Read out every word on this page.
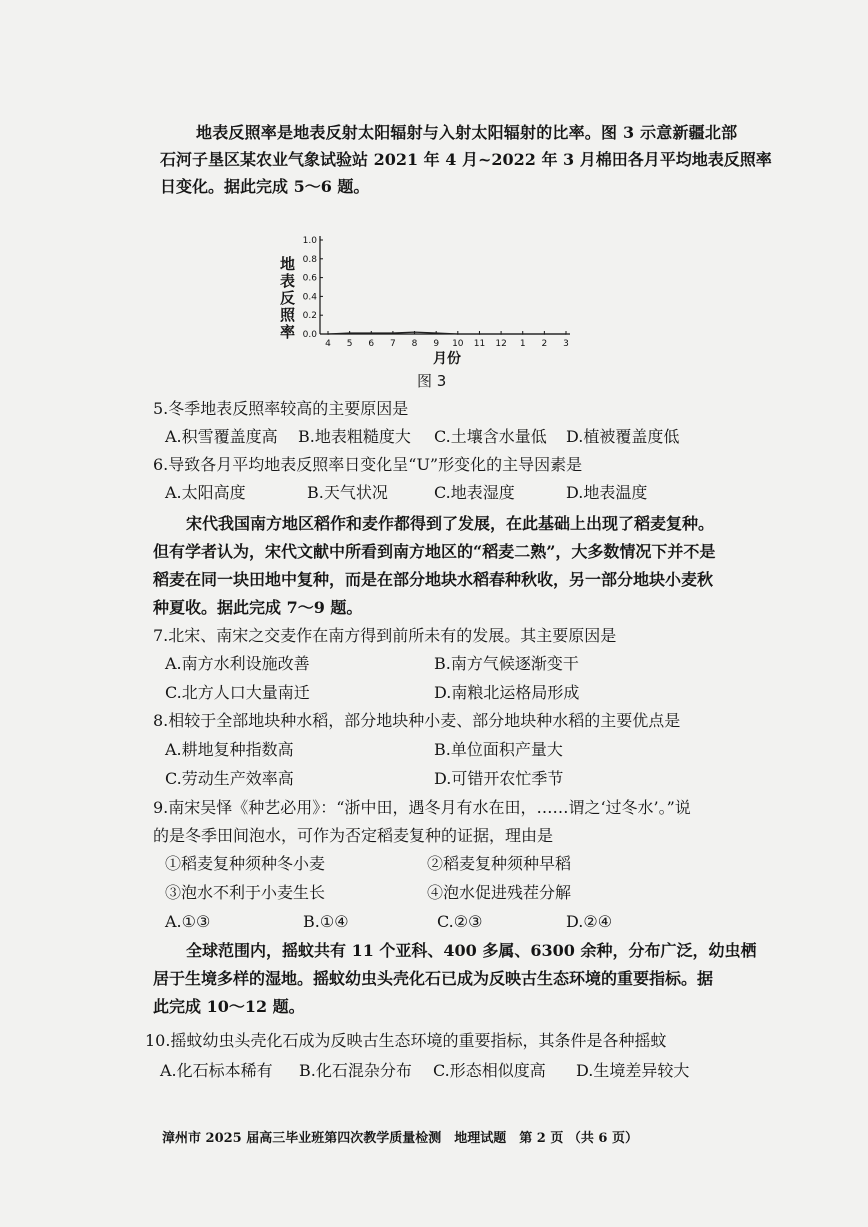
地表反照率是地表反射太阳辐射与入射太阳辐射的比率。图 3 示意新疆北部
石河子垦区某农业气象试验站 2021 年 4 月~2022 年 3 月棉田各月平均地表反照率
日变化。据此完成 5～6 题。
地
表
反
照
率 0.0
0.2
0.4
0.6
0.8
1.0
4 5 6 7 8 9 10 11 12 1 2 3
月份
图 3
5.冬季地表反照率较高的主要原因是
A.积雪覆盖度高 B.地表粗糙度大 C.土壤含水量低 D.植被覆盖度低
6.导致各月平均地表反照率日变化呈“U”形变化的主导因素是
A.太阳高度	B.天气状况	C.地表湿度	D.地表温度
宋代我国南方地区稻作和麦作都得到了发展，在此基础上出现了稻麦复种。
但有学者认为，宋代文献中所看到南方地区的“稻麦二熟”，大多数情况下并不是
稻麦在同一块田地中复种，而是在部分地块水稻春种秋收，另一部分地块小麦秋
种夏收。据此完成 7～9 题。
7.北宋、南宋之交麦作在南方得到前所未有的发展。其主要原因是
A.南方水利设施改善	B.南方气候逐渐变干
C.北方人口大量南迁	D.南粮北运格局形成
8.相较于全部地块种水稻，部分地块种小麦、部分地块种水稻的主要优点是
A.耕地复种指数高	B.单位面积产量大
C.劳动生产效率高	D.可错开农忙季节
9.南宋吴怿《种艺必用》：“浙中田，遇冬月有水在田，……谓之‘过冬水’。”说
的是冬季田间泡水，可作为否定稻麦复种的证据，理由是
①稻麦复种须种冬小麦	②稻麦复种须种早稻
③泡水不利于小麦生长	④泡水促进残茬分解
A.①③	B.①④	C.②③	D.②④
全球范围内，摇蚊共有 11 个亚科、400 多属、6300 余种，分布广泛，幼虫栖
居于生境多样的湿地。摇蚊幼虫头壳化石已成为反映古生态环境的重要指标。据
此完成 10～12 题。
10.摇蚊幼虫头壳化石成为反映古生态环境的重要指标，其条件是各种摇蚊
A.化石标本稀有 B.化石混杂分布 C.形态相似度高 D.生境差异较大
漳州市 2025 届高三毕业班第四次教学质量检测　地理试题　第 2 页 （共 6 页）
